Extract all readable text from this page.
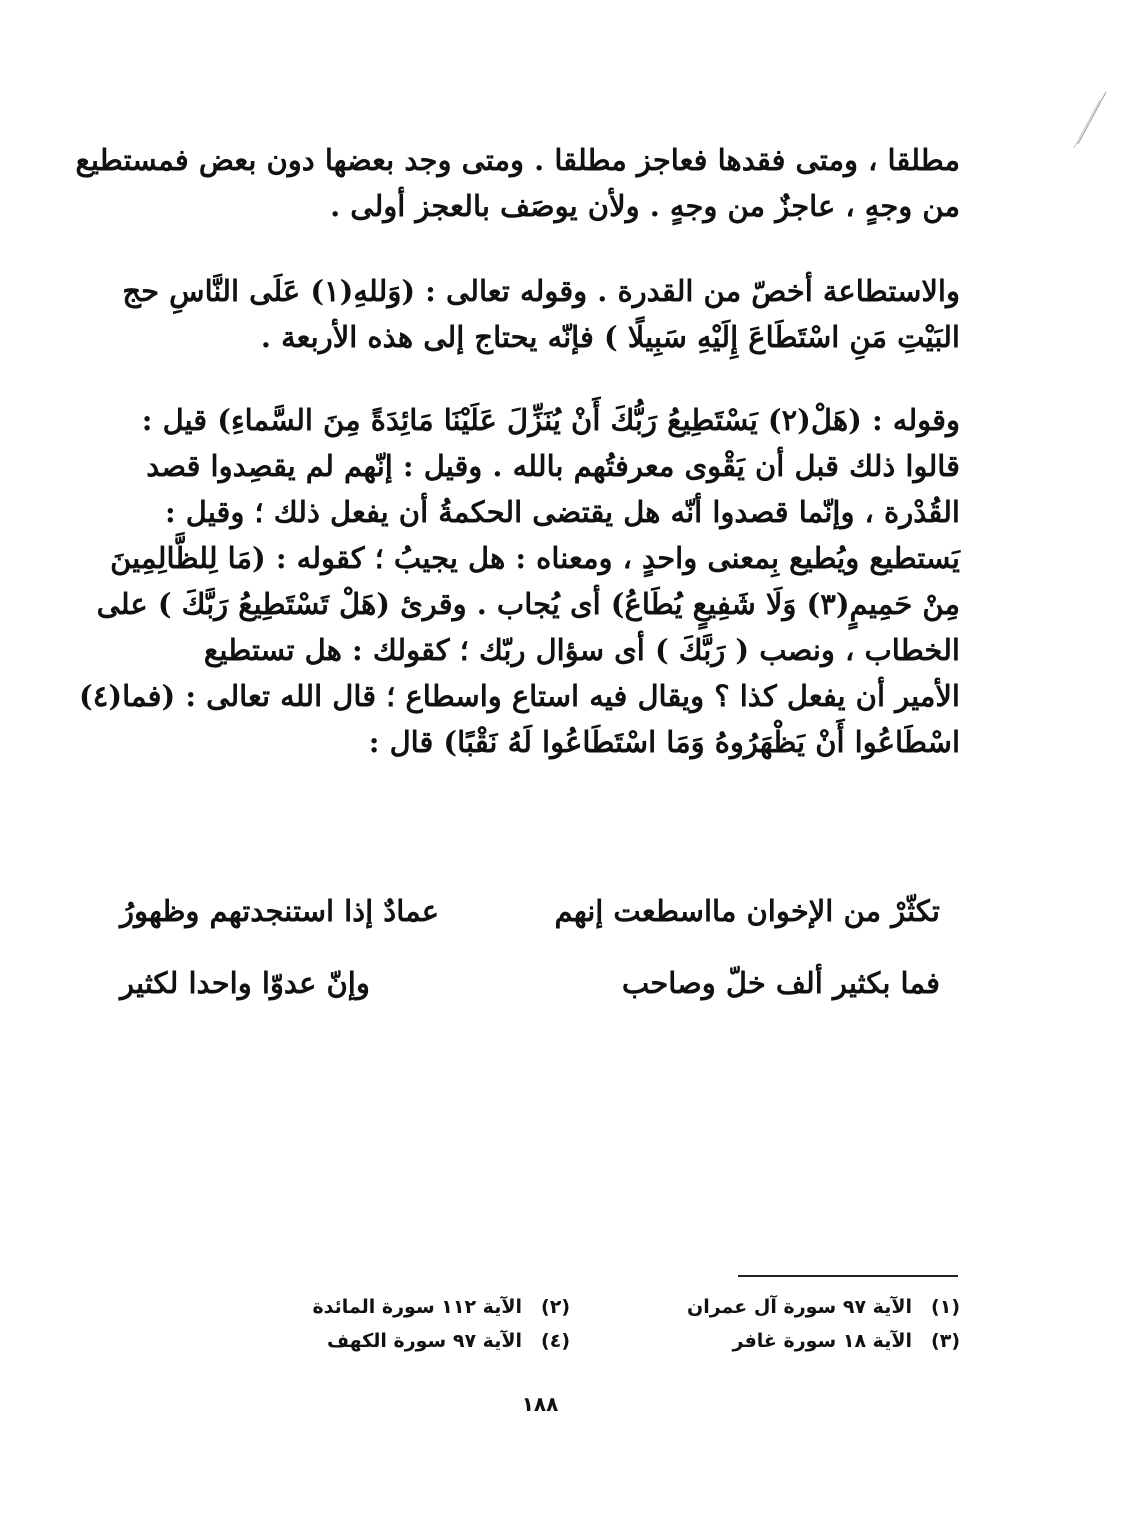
مطلقا ، ومتى فقدها فعاجز مطلقا . ومتى وجد بعضها دون بعض فمستطيع
من وجهٍ ، عاجزٌ من وجهٍ . ولأن يوصَف بالعجز أولى .
والاستطاعة أخصّ من القدرة . وقوله تعالى : (وَللهِ(١) عَلَى النَّاسِ حج
البَيْتِ مَنِ اسْتَطَاعَ إِلَيْهِ سَبِيلًا ) فإنّه يحتاج إلى هذه الأربعة .
وقوله : (هَلْ(٢) يَسْتَطِيعُ رَبُّكَ أَنْ يُنَزِّلَ عَلَيْنَا مَائِدَةً مِنَ السَّماءِ) قيل :
قالوا ذلك قبل أن يَقْوى معرفتُهم بالله . وقيل : إنّهم لم يقصِدوا قصد
القُدْرة ، وإنّما قصدوا أنّه هل يقتضى الحكمةُ أن يفعل ذلك ؛ وقيل :
يَستطيع ويُطيع بِمعنى واحدٍ ، ومعناه : هل يجيبُ ؛ كقوله : (مَا لِلظَّالِمِينَ
مِنْ حَمِيمٍ(٣) وَلَا شَفِيعٍ يُطَاعُ) أى يُجاب . وقرئ (هَلْ تَسْتَطِيعُ رَبَّكَ ) على
الخطاب ، ونصب ( رَبَّكَ ) أى سؤال ربّك ؛ كقولك : هل تستطيع
الأمير أن يفعل كذا ؟ ويقال فيه استاع واسطاع ؛ قال الله تعالى : (فما(٤)
اسْطَاعُوا أَنْ يَظْهَرُوهُ وَمَا اسْتَطَاعُوا لَهُ نَقْبًا) قال :
تكثّرْ من الإخوان مااسطعت إنهم
عمادٌ إذا استنجدتهم وظهورُ
فما بكثير ألف خلّ وصاحب
وإنّ عدوّا واحدا لكثير
(١)
الآية ٩٧ سورة آل عمران
(٢)
الآية ١١٢ سورة المائدة
(٣)
الآية ١٨ سورة غافر
(٤)
الآية ٩٧ سورة الكهف
١٨٨
